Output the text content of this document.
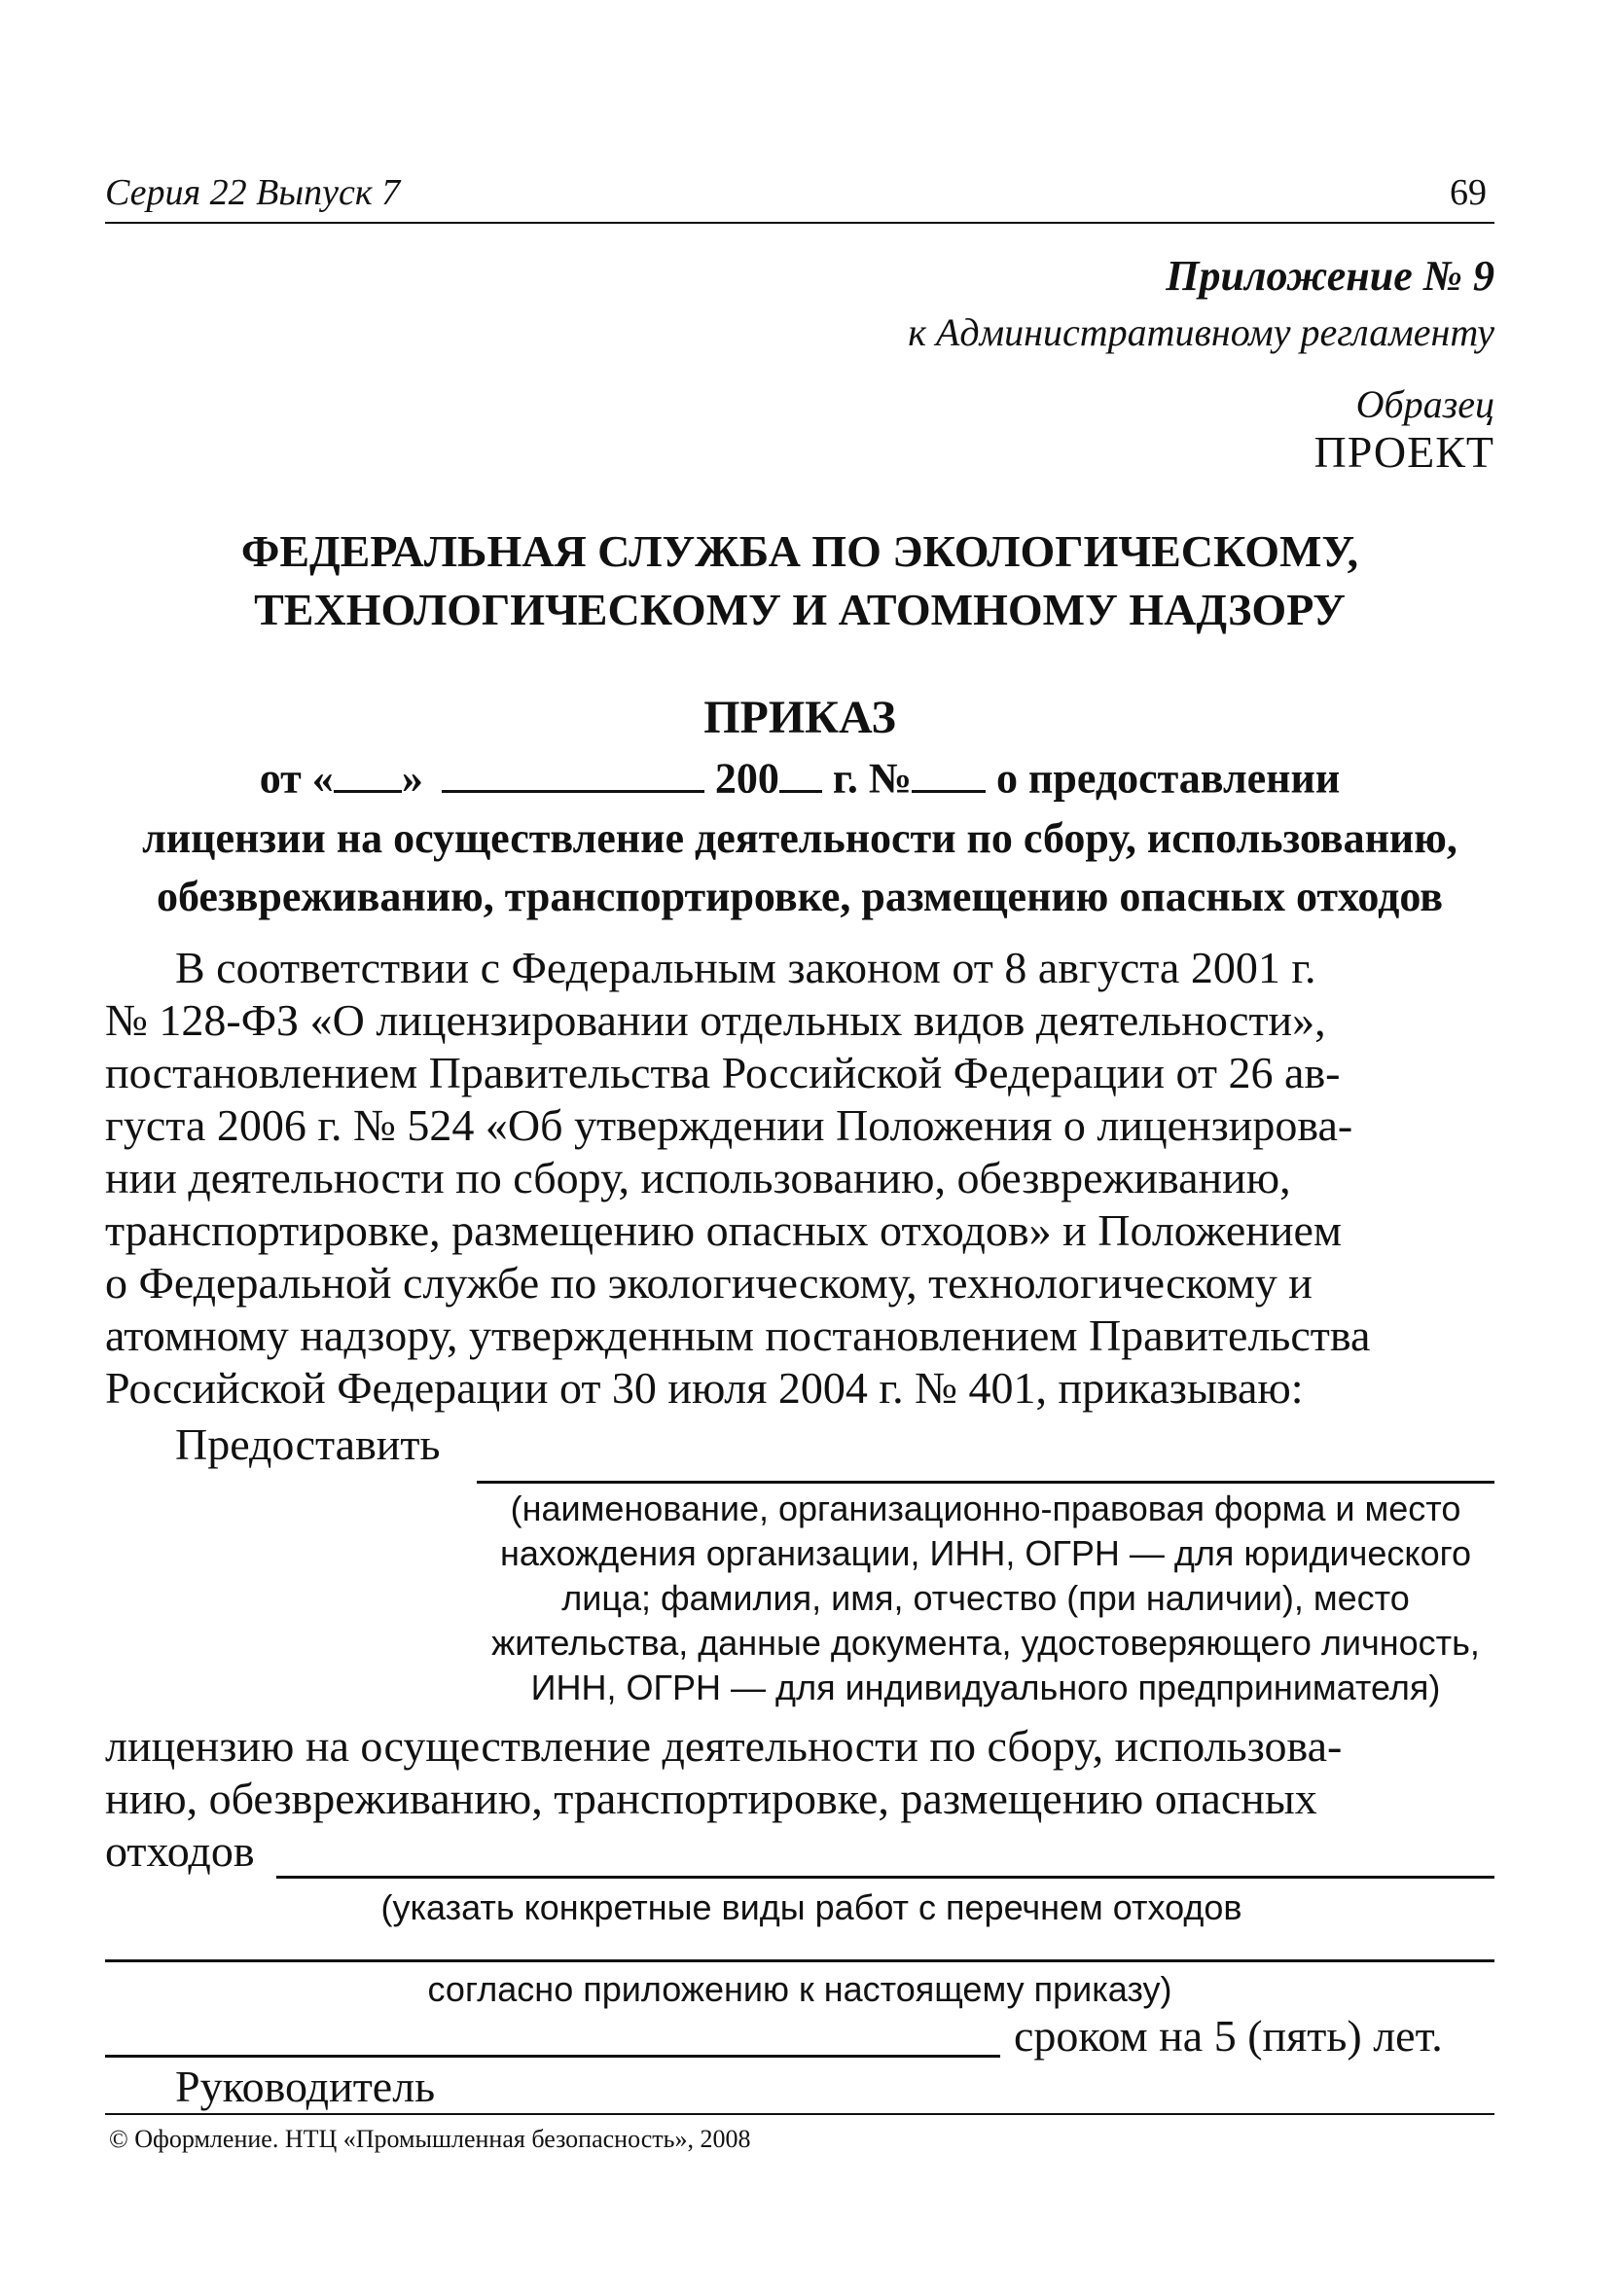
Серия 22 Выпуск 7	69
Приложение № 9
к Административному регламенту
Образец
ПРОЕКТ
ФЕДЕРАЛЬНАЯ СЛУЖБА ПО ЭКОЛОГИЧЕСКОМУ,
ТЕХНОЛОГИЧЕСКОМУ И АТОМНОМУ НАДЗОРУ
ПРИКАЗ
от « »	200 г. № о предоставлении
лицензии на осуществление деятельности по сбору, использованию,
обезвреживанию, транспортировке, размещению опасных отходов
В соответствии с Федеральным законом от 8 августа 2001 г.
№ 128-ФЗ «О лицензировании отдельных видов деятельности»,
постановлением Правительства Российской Федерации от 26 ав-
густа 2006 г. № 524 «Об утверждении Положения о лицензирова-
нии деятельности по сбору, использованию, обезвреживанию,
транспортировке, размещению опасных отходов» и Положением
о Федеральной службе по экологическому, технологическому и
атомному надзору, утвержденным постановлением Правительства
Российской Федерации от 30 июля 2004 г. № 401, приказываю:
Предоставить
(наименование, организационно-правовая форма и место
нахождения организации, ИНН, ОГРН — для юридического
лица; фамилия, имя, отчество (при наличии), место
жительства, данные документа, удостоверяющего личность,
ИНН, ОГРН — для индивидуального предпринимателя)
лицензию на осуществление деятельности по сбору, использова-
нию, обезвреживанию, транспортировке, размещению опасных
отходов
(указать конкретные виды работ с перечнем отходов
согласно приложению к настоящему приказу)
сроком на 5 (пять) лет.
Руководитель
© Оформление. НТЦ «Промышленная безопасность», 2008
